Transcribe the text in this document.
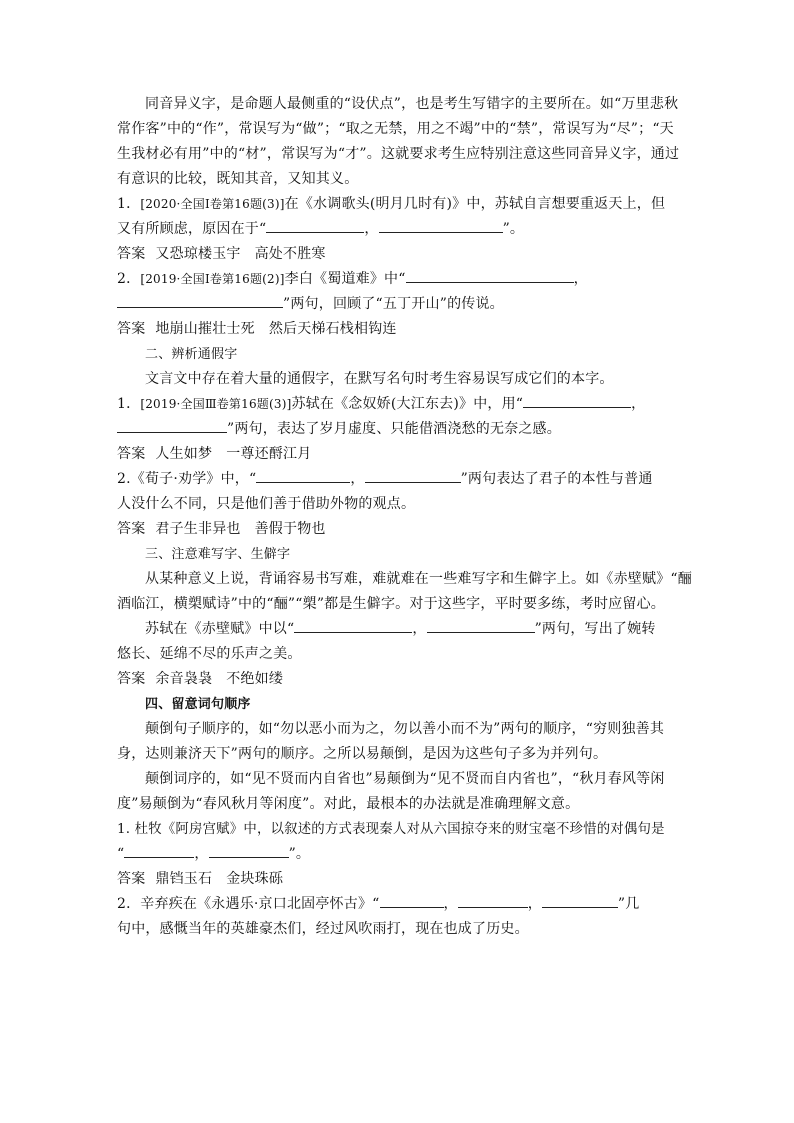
同音异义字，是命题人最侧重的“设伏点”，也是考生写错字的主要所在。如“万里悲秋
常作客”中的“作”，常误写为“做”；“取之无禁，用之不竭”中的“禁”，常误写为“尽”；“天
生我材必有用”中的“材”，常误写为“才”。这就要求考生应特别注意这些同音异义字，通过
有意识的比较，既知其音，又知其义。
1．[2020·全国Ⅰ卷第16题(3)]在《水调歌头(明月几时有)》中，苏轼自言想要重返天上，但
又有所顾虑，原因在于“	，	”。
答案 又恐琼楼玉宇 高处不胜寒
2．[2019·全国Ⅰ卷第16题(2)]李白《蜀道难》中“	，
”两句，回顾了“五丁开山”的传说。
答案 地崩山摧壮士死 然后天梯石栈相钩连
二、辨析通假字
文言文中存在着大量的通假字，在默写名句时考生容易误写成它们的本字。
1．[2019·全国Ⅲ卷第16题(3)]苏轼在《念奴娇(大江东去)》中，用“	，
”两句，表达了岁月虚度、只能借酒浇愁的无奈之感。
答案 人生如梦 一尊还酹江月
2.《荀子·劝学》中，“	，	”两句表达了君子的本性与普通
人没什么不同，只是他们善于借助外物的观点。
答案 君子生非异也 善假于物也
三、注意难写字、生僻字
从某种意义上说，背诵容易书写难，难就难在一些难写字和生僻字上。如《赤壁赋》“酾
酒临江，横槊赋诗”中的“酾”“槊”都是生僻字。对于这些字，平时要多练，考时应留心。
苏轼在《赤壁赋》中以“	，	”两句，写出了婉转
悠长、延绵不尽的乐声之美。
答案 余音袅袅 不绝如缕
四、留意词句顺序
颠倒句子顺序的，如“勿以恶小而为之，勿以善小而不为”两句的顺序，“穷则独善其
身，达则兼济天下”两句的顺序。之所以易颠倒，是因为这些句子多为并列句。
颠倒词序的，如“见不贤而内自省也”易颠倒为“见不贤而自内省也”，“秋月春风等闲
度”易颠倒为“春风秋月等闲度”。对此，最根本的办法就是准确理解文意。
1. 杜牧《阿房宫赋》中，以叙述的方式表现秦人对从六国掠夺来的财宝毫不珍惜的对偶句是
“	，	”。
答案 鼎铛玉石 金块珠砾
2．辛弃疾在《永遇乐·京口北固亭怀古》“	，	，	”几
句中，感慨当年的英雄豪杰们，经过风吹雨打，现在也成了历史。
